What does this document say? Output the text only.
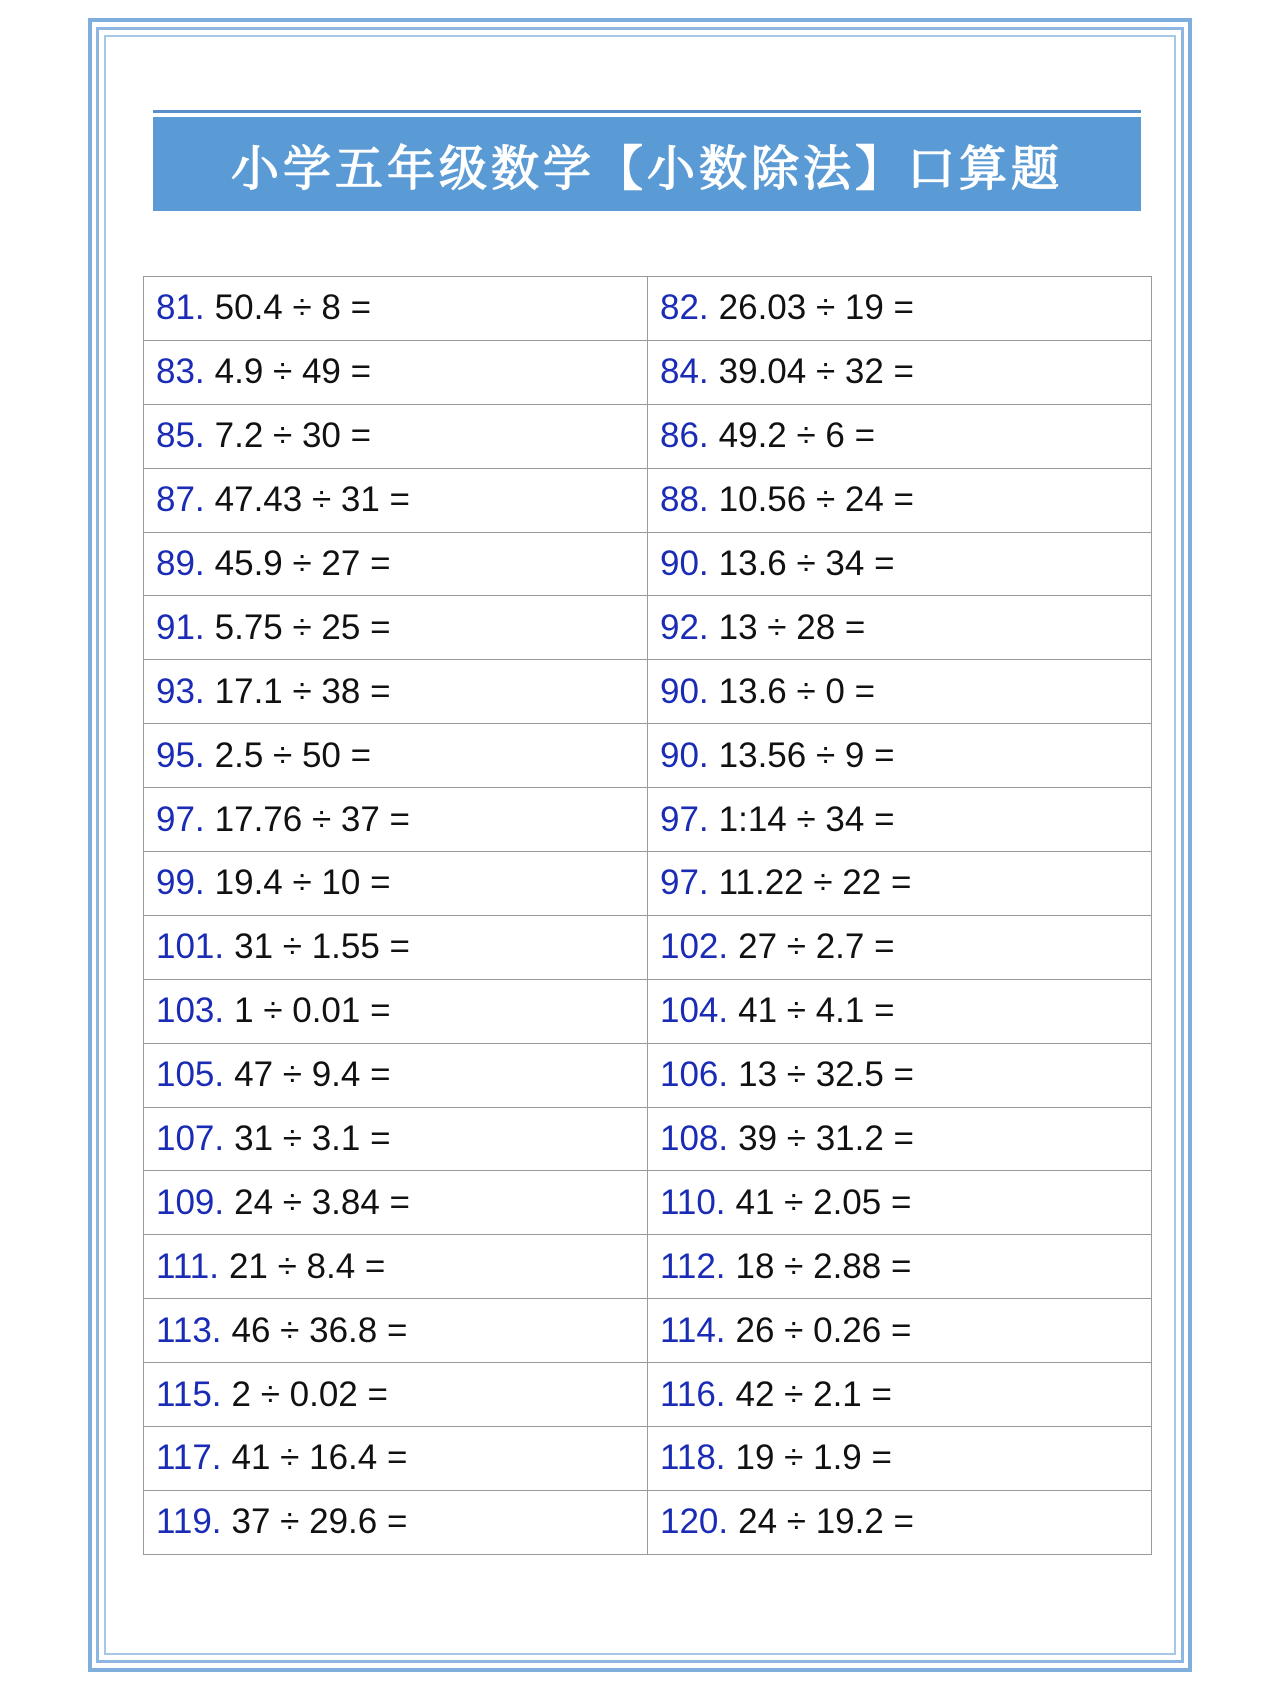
小学五年级数学【小数除法】口算题
81. 50.4 ÷ 8 =	82. 26.03 ÷ 19 =
83. 4.9 ÷ 49 =	84. 39.04 ÷ 32 =
85. 7.2 ÷ 30 =	86. 49.2 ÷ 6 =
87. 47.43 ÷ 31 =	88. 10.56 ÷ 24 =
89. 45.9 ÷ 27 =	90. 13.6 ÷ 34 =
91. 5.75 ÷ 25 =	92. 13 ÷ 28 =
93. 17.1 ÷ 38 =	90. 13.6 ÷ 0 =
95. 2.5 ÷ 50 =	90. 13.56 ÷ 9 =
97. 17.76 ÷ 37 =	97. 1:14 ÷ 34 =
99. 19.4 ÷ 10 =	97. 11.22 ÷ 22 =
101. 31 ÷ 1.55 =	102. 27 ÷ 2.7 =
103. 1 ÷ 0.01 =	104. 41 ÷ 4.1 =
105. 47 ÷ 9.4 =	106. 13 ÷ 32.5 =
107. 31 ÷ 3.1 =	108. 39 ÷ 31.2 =
109. 24 ÷ 3.84 =	110. 41 ÷ 2.05 =
111. 21 ÷ 8.4 =	112. 18 ÷ 2.88 =
113. 46 ÷ 36.8 =	114. 26 ÷ 0.26 =
115. 2 ÷ 0.02 =	116. 42 ÷ 2.1 =
117. 41 ÷ 16.4 =	118. 19 ÷ 1.9 =
119. 37 ÷ 29.6 =	120. 24 ÷ 19.2 =
